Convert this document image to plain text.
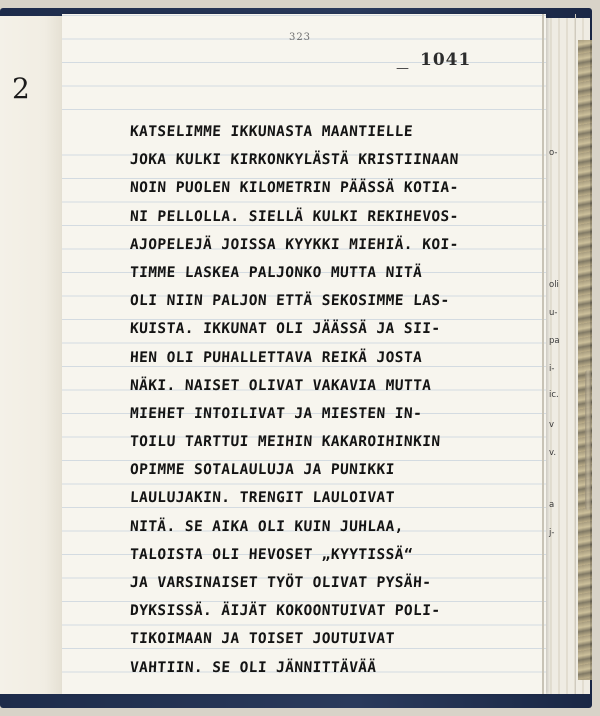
323
— 1041
2
KATSELIMME IKKUNASTA MAANTIELLE
JOKA KULKI KIRKONKYLÄSTÄ KRISTIINAAN
NOIN PUOLEN KILOMETRIN PÄÄSSÄ KOTIA-
NI PELLOLLA. SIELLÄ KULKI REKIHEVOS-
AJOPELEJÄ JOISSA KYYKKI MIEHIÄ. KOI-
TIMME LASKEA PALJONKO MUTTA NITÄ
OLI NIIN PALJON ETTÄ SEKOSIMME LAS-
KUISTA. IKKUNAT OLI JÄÄSSÄ JA SII-
HEN OLI PUHALLETTAVA REIKÄ JOSTA
NÄKI. NAISET OLIVAT VAKAVIA MUTTA
MIEHET INTOILIVAT JA MIESTEN IN-
TOILU TARTTUI MEIHIN KAKAROIHINKIN
OPIMME SOTALAULUJA JA PUNIKKI
LAULUJAKIN. TRENGIT LAULOIVAT
NITÄ. SE AIKA OLI KUIN JUHLAA,
TALOISTA OLI HEVOSET „KYYTISSÄ“
JA VARSINAISET TYÖT OLIVAT PYSÄH-
DYKSISSÄ. ÄIJÄT KOKOONTUIVAT POLI-
TIKOIMAAN JA TOISET JOUTUIVAT
VAHTIIN. SE OLI JÄNNITTÄVÄÄ
o-
oli
u-
pa
i-
ic.
v
v.
a
j-
